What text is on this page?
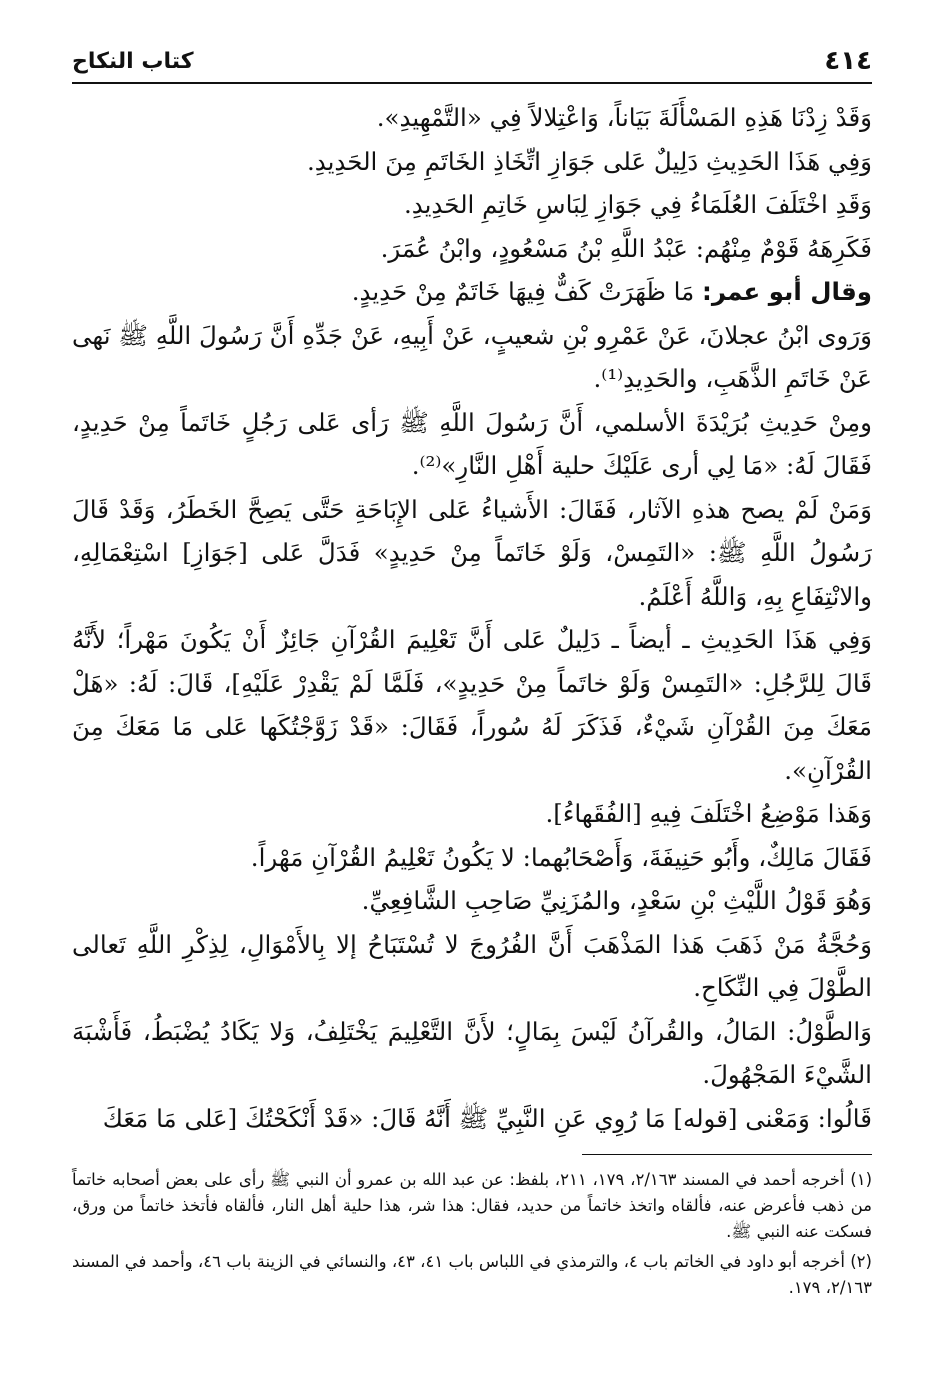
٤١٤
كتاب النكاح

وَقَدْ زِدْنَا هَذِهِ المَسْأَلَةَ بَيَاناً، وَاعْتِلالاً فِي «التَّمْهِيدِ».

وَفِي هَذَا الحَدِيثِ دَلِيلٌ عَلى جَوَازِ اتِّخَاذِ الخَاتَمِ مِنَ الحَدِيدِ.

وَقَدِ اخْتَلَفَ العُلَمَاءُ فِي جَوَازِ لِبَاسِ خَاتِمِ الحَدِيدِ.

فَكَرِهَهُ قَوْمٌ مِنْهُم: عَبْدُ اللَّهِ بْنُ مَسْعُودٍ، وابْنُ عُمَرَ.

وقال أبو عمر: مَا ظَهَرَتْ كَفٌّ فِيهَا خَاتَمٌ مِنْ حَدِيدٍ.

وَرَوى ابْنُ عجلانَ، عَنْ عَمْرِو بْنِ شعيبٍ، عَنْ أَبِيهِ، عَنْ جَدِّهِ أَنَّ رَسُولَ اللَّهِ ﷺ نَهى عَنْ خَاتَمِ الذَّهَبِ، والحَدِيدِ⁽¹⁾.

ومِنْ حَدِيثِ بُرَيْدَةَ الأسلمي، أَنَّ رَسُولَ اللَّهِ ﷺ رَأى عَلى رَجُلٍ خَاتَماً مِنْ حَدِيدٍ، فَقَالَ لَهُ: «مَا لِي أرى عَلَيْكَ حلية أَهْلِ النَّارِ»⁽²⁾.

وَمَنْ لَمْ يصح هذهِ الآثار، فَقَالَ: الأَشياءُ عَلى الإِبَاحَةِ حَتَّى يَصِحَّ الخَطَرُ، وَقَدْ قَالَ رَسُولُ اللَّهِ ﷺ: «التَمِسْ، وَلَوْ خَاتَماً مِنْ حَدِيدٍ» فَدَلَّ عَلى [جَوَازِ] اسْتِعْمَالِهِ، والانْتِفَاعِ بِهِ، وَاللَّهُ أَعْلَمُ.

وَفِي هَذَا الحَدِيثِ ـ أيضاً ـ دَلِيلٌ عَلى أَنَّ تَعْلِيمَ القُرْآنِ جَائِزٌ أَنْ يَكُونَ مَهْراً؛ لأَنَّهُ قَالَ لِلرَّجُلِ: «التَمِسْ وَلَوْ خاتَماً مِنْ حَدِيدٍ»، فَلَمَّا لَمْ يَقْدِرْ عَلَيْهِ]، قَالَ: لَهُ: «هَلْ مَعَكَ مِنَ القُرْآنِ شَيْءٌ، فَذَكَرَ لَهُ سُوراً، فَقَالَ: «قَدْ زَوَّجْتُكَها عَلى مَا مَعَكَ مِنَ القُرْآنِ».

وَهَذا مَوْضِعُ اخْتَلَفَ فِيهِ [الفُقَهاءُ].

فَقَالَ مَالِكٌ، وأَبُو حَنِيفَةَ، وَأَصْحَابُهما: لا يَكُونُ تَعْلِيمُ القُرْآنِ مَهْراً.

وَهُوَ قَوْلُ اللَّيْثِ بْنِ سَعْدٍ، والمُزَنِيِّ صَاحِبِ الشَّافِعِيِّ.

وَحُجَّةُ مَنْ ذَهَبَ هَذا المَذْهَبَ أَنَّ الفُرُوجَ لا تُسْتَبَاحُ إلا بِالأَمْوَالِ، لِذِكْرِ اللَّهِ تَعالى الطَّوْلَ فِي النِّكَاحِ.

وَالطَّوْلُ: المَالُ، والقُرآنُ لَيْسَ بِمَالٍ؛ لأَنَّ التَّعْلِيمَ يَخْتَلِفُ، وَلا يَكَادُ يُضْبَطُ، فَأَشْبَهَ الشَّيْءَ المَجْهُولَ.

قَالُوا: وَمَعْنى [قوله] مَا رُوِي عَنِ النَّبِيِّ ﷺ أَنَّهُ قَالَ: «قَدْ أَنْكَحْتُكَ [عَلى مَا مَعَكَ

(١) أخرجه أحمد في المسند ٢/١٦٣، ١٧٩، ٢١١، بلفظ: عن عبد الله بن عمرو أن النبي ﷺ رأى على بعض أصحابه خاتماً من ذهب فأعرض عنه، فألقاه واتخذ خاتماً من حديد، فقال: هذا شر، هذا حلية أهل النار، فألقاه فأتخذ خاتماً من ورق، فسكت عنه النبي ﷺ.

(٢) أخرجه أبو داود في الخاتم باب ٤، والترمذي في اللباس باب ٤١، ٤٣، والنسائي في الزينة باب ٤٦، وأحمد في المسند ٢/١٦٣، ١٧٩.
